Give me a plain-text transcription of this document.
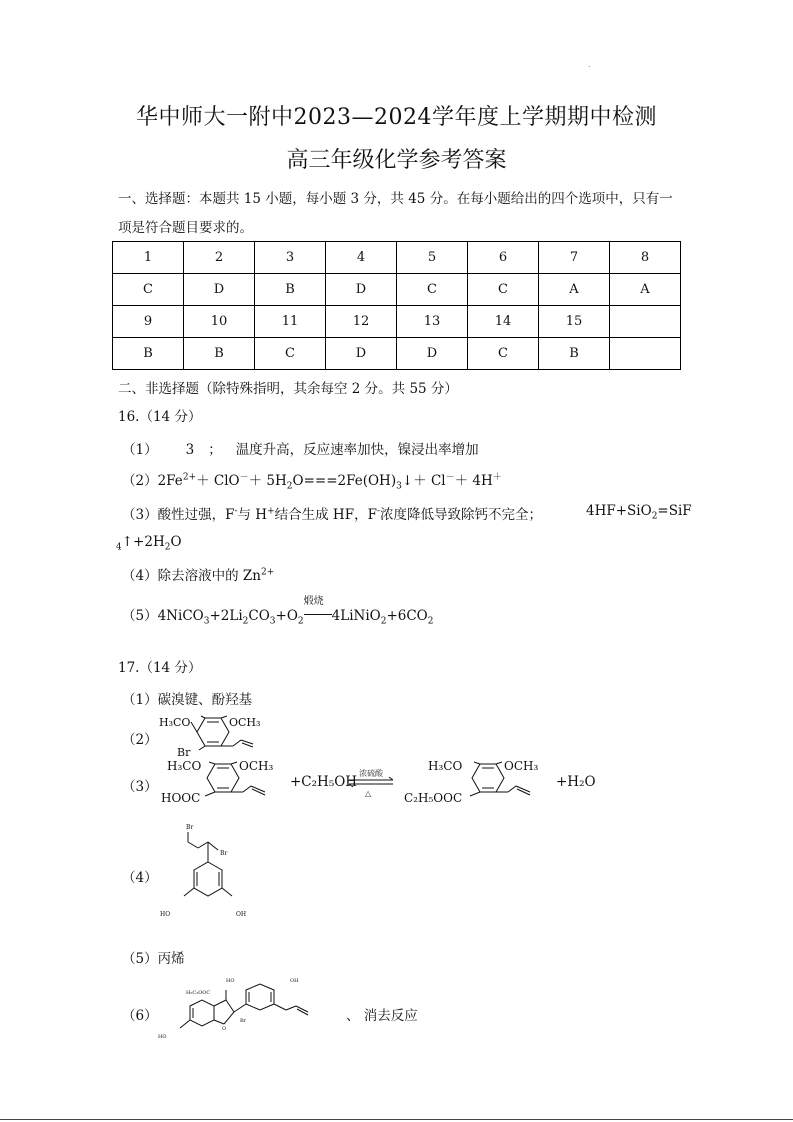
华中师大一附中2023—2024学年度上学期期中检测
高三年级化学参考答案
.
一、选择题：本题共 15 小题，每小题 3 分，共 45 分。在每小题给出的四个选项中，只有一
项是符合题目要求的。
1	2	3	4	5	6	7	8
C	D	B	D	C	C	A	A
9	10	11	12	13	14	15	
B	B	C	D	D	C	B	
二、非选择题（除特殊指明，其余每空 2 分。共 55 分）
16.（14 分）
（1） 3 ； 温度升高，反应速率加快，镍浸出率增加
$(2)2Fe^{2+}+ ClO^-+$ $5H_2O===2Fe(OH)_3↓+ Cl^-+ 4H^+$
（3）酸性过强，F-与 H+结合生成 HF，F-浓度降低导致除钙不完全；	4HF+SiO$_2$=SiF
$_4↑+2H_2O$
（4）除去溶液中的 $Zn^{2+}$
$(5)4NiCO_3+2Li_2CO_3+O_2$
煅烧
$4LiNiO_2+6CO_2$
17.（14 分）
（1）碳溴键、酚羟基
（2）
H₃CO	OCH₃
Br
（3）
H₃CO	OCH₃
HOOC
+C₂H₅OH
浓硫酸
△
H₃CO	OCH₃
C₂H₅OOC
+H₂O
（4）
Br
Br
HO	OH
（5）丙烯
（6）
HO	OH
H₅C₂OOC
HO
O
Br	、 消去反应
